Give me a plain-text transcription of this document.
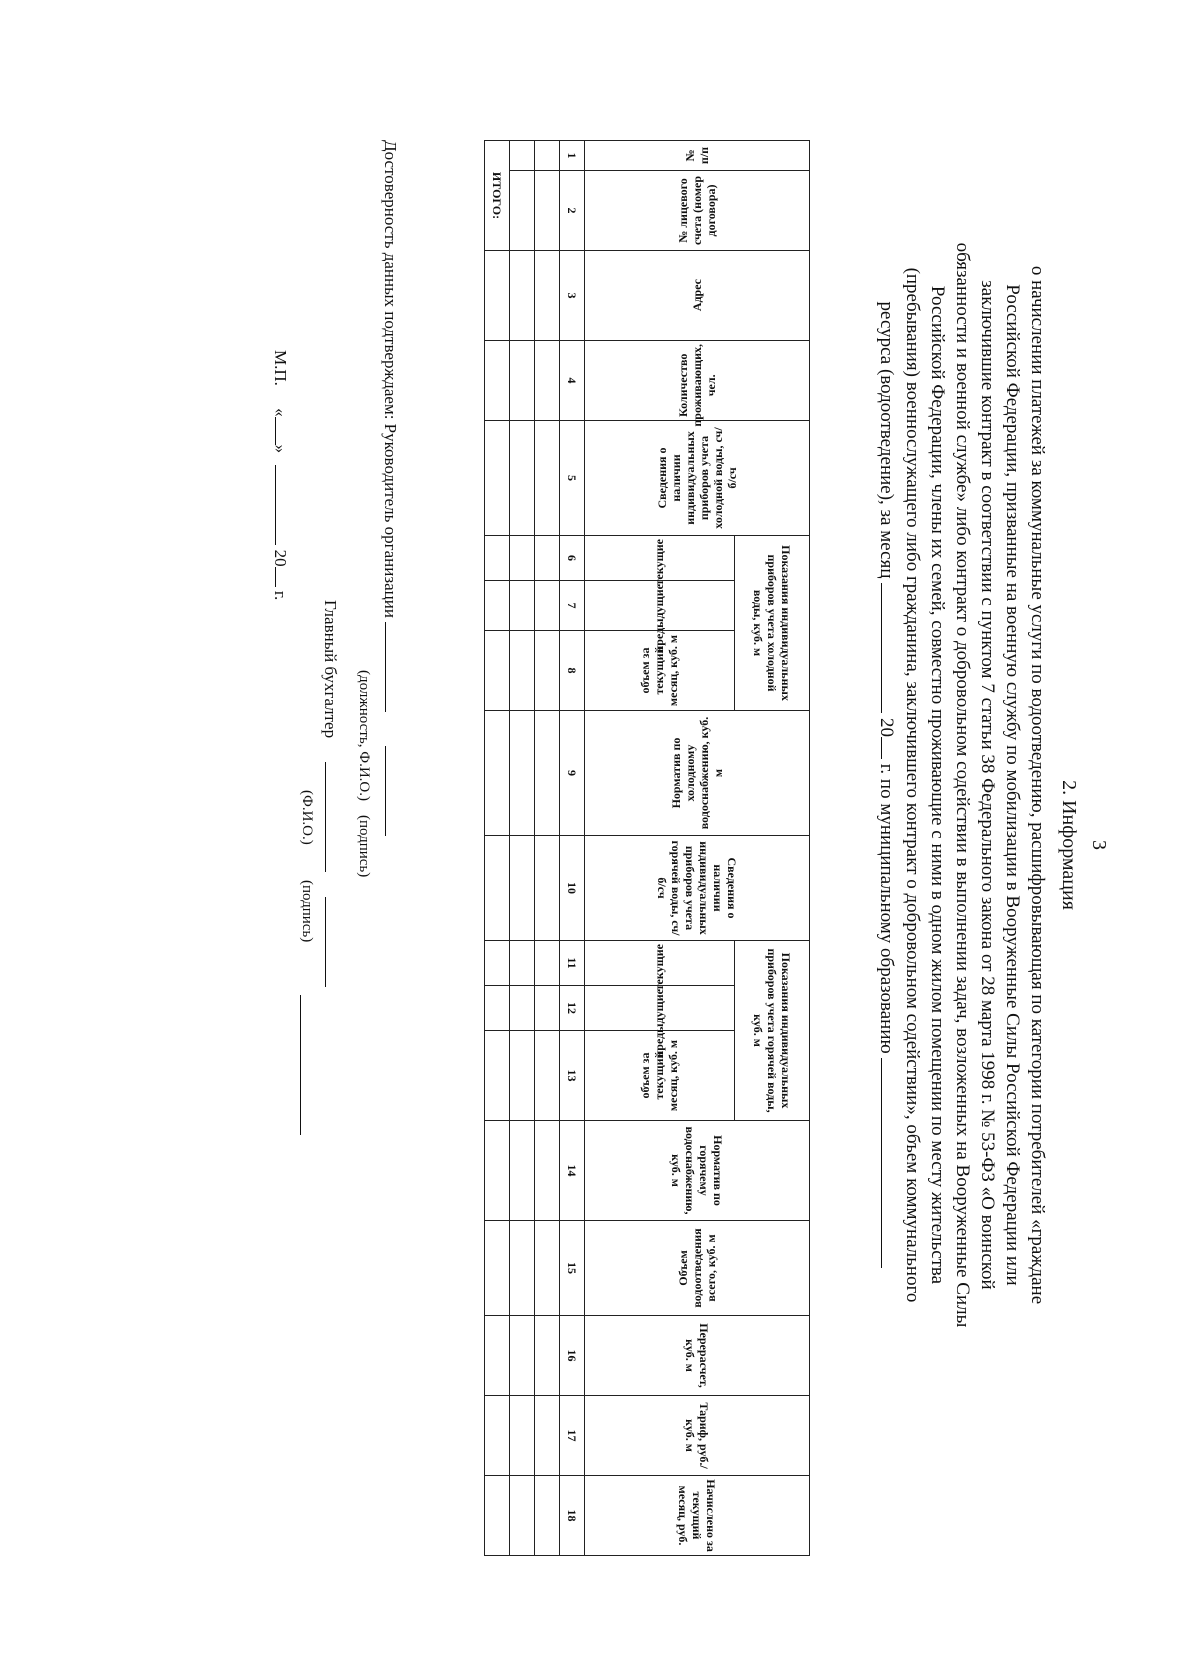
3
2. Информация
о начислении платежей за коммунальные услуги по водоотведению, расшифровывающая по категории потребителей «граждане
Российской Федерации, призванные на военную службу по мобилизации в Вооруженные Силы Российской Федерации или
заключившие контракт в соответствии с пунктом 7 статьи 38 Федерального закона от 28 марта 1998 г. № 53-ФЗ «О воинской
обязанности и военной службе» либо контракт о добровольном содействии в выполнении задач, возложенных на Вооруженные Силы
Российской Федерации, члены их семей, совместно проживающие с ними в одном жилом помещении по месту жительства
(пребывания) военнослужащего либо гражданина, заключившего контракт о добровольном содействии», объем коммунального
ресурса (водоотведение), за месяц  20 г. по муниципальному образованию
№ п/п	№ лицевого счета (номер договора)	Адрес	Количество проживающих, чел.	Сведения о наличии индивидуальных приборов учета холодной воды, сч/б/сч	Показания индивидуальных приборов учета холодной воды, куб. м			Норматив по холодному водоснабжению, куб. м	Сведения о наличии индивидуальных приборов учета горячей воды, сч/б/сч	Показания индивидуальных приборов учета горячей воды, куб. м			Норматив по горячему водоснабжению, куб. м	Объем водоотведения всего, куб. м	Перерасчет, куб. м	Тариф, руб./куб. м	Начислено за текущий месяц, руб.
					текущие	предыдущие	объем за текущий месяц, куб. м			текущие	предыдущие	объем за текущий месяц, куб. м					
1	2	3	4	5	6	7	8	9	10	11	12	13	14	15	16	17	18

ИТОГО:																	
Достоверность данных подтверждаем: Руководитель организации
(должность, Ф.И.О.)
(подпись)
Главный бухгалтер
(Ф.И.О.)
(подпись)
М.П. «»  20 г.
